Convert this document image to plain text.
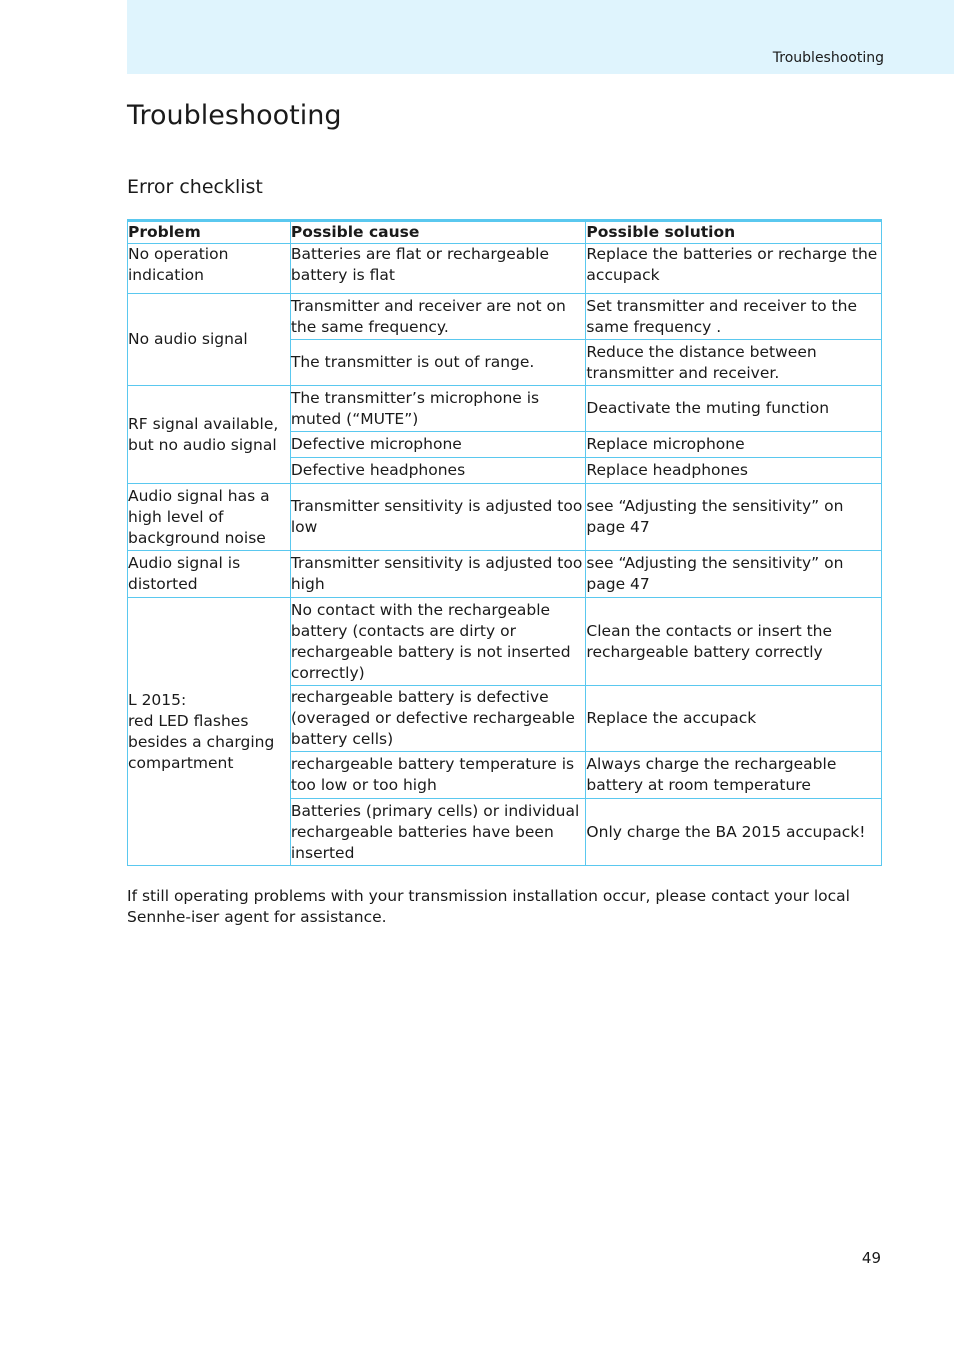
Troubleshooting
Troubleshooting
Error checklist
Problem	Possible cause	Possible solution
No operation indication	Batteries are flat or rechargeable battery is flat	Replace the batteries or recharge the accupack
No audio signal	Transmitter and receiver are not on the same frequency.	Set transmitter and receiver to the same frequency .
	The transmitter is out of range.	Reduce the distance between transmitter and receiver.
RF signal available, but no audio signal	The transmitter’s microphone is muted (“MUTE”)	Deactivate the muting function
	Defective microphone	Replace microphone
	Defective headphones	Replace headphones
Audio signal has a high level of background noise	Transmitter sensitivity is adjusted too low	see “Adjusting the sensitivity” on page 47
Audio signal is distorted	Transmitter sensitivity is adjusted too high	see “Adjusting the sensitivity” on page 47
L 2015:
red LED flashes besides a charging compartment	No contact with the rechargeable battery (contacts are dirty or rechargeable battery is not inserted correctly)	Clean the contacts or insert the rechargeable battery correctly
	rechargeable battery is defective (overaged or defective rechargeable battery cells)	Replace the accupack
	rechargeable battery temperature is too low or too high	Always charge the rechargeable battery at room temperature
	Batteries (primary cells) or individual rechargeable batteries have been inserted	Only charge the BA 2015 accupack!

If still operating problems with your transmission installation occur, please contact your local Sennhe-iser agent for assistance.

49
